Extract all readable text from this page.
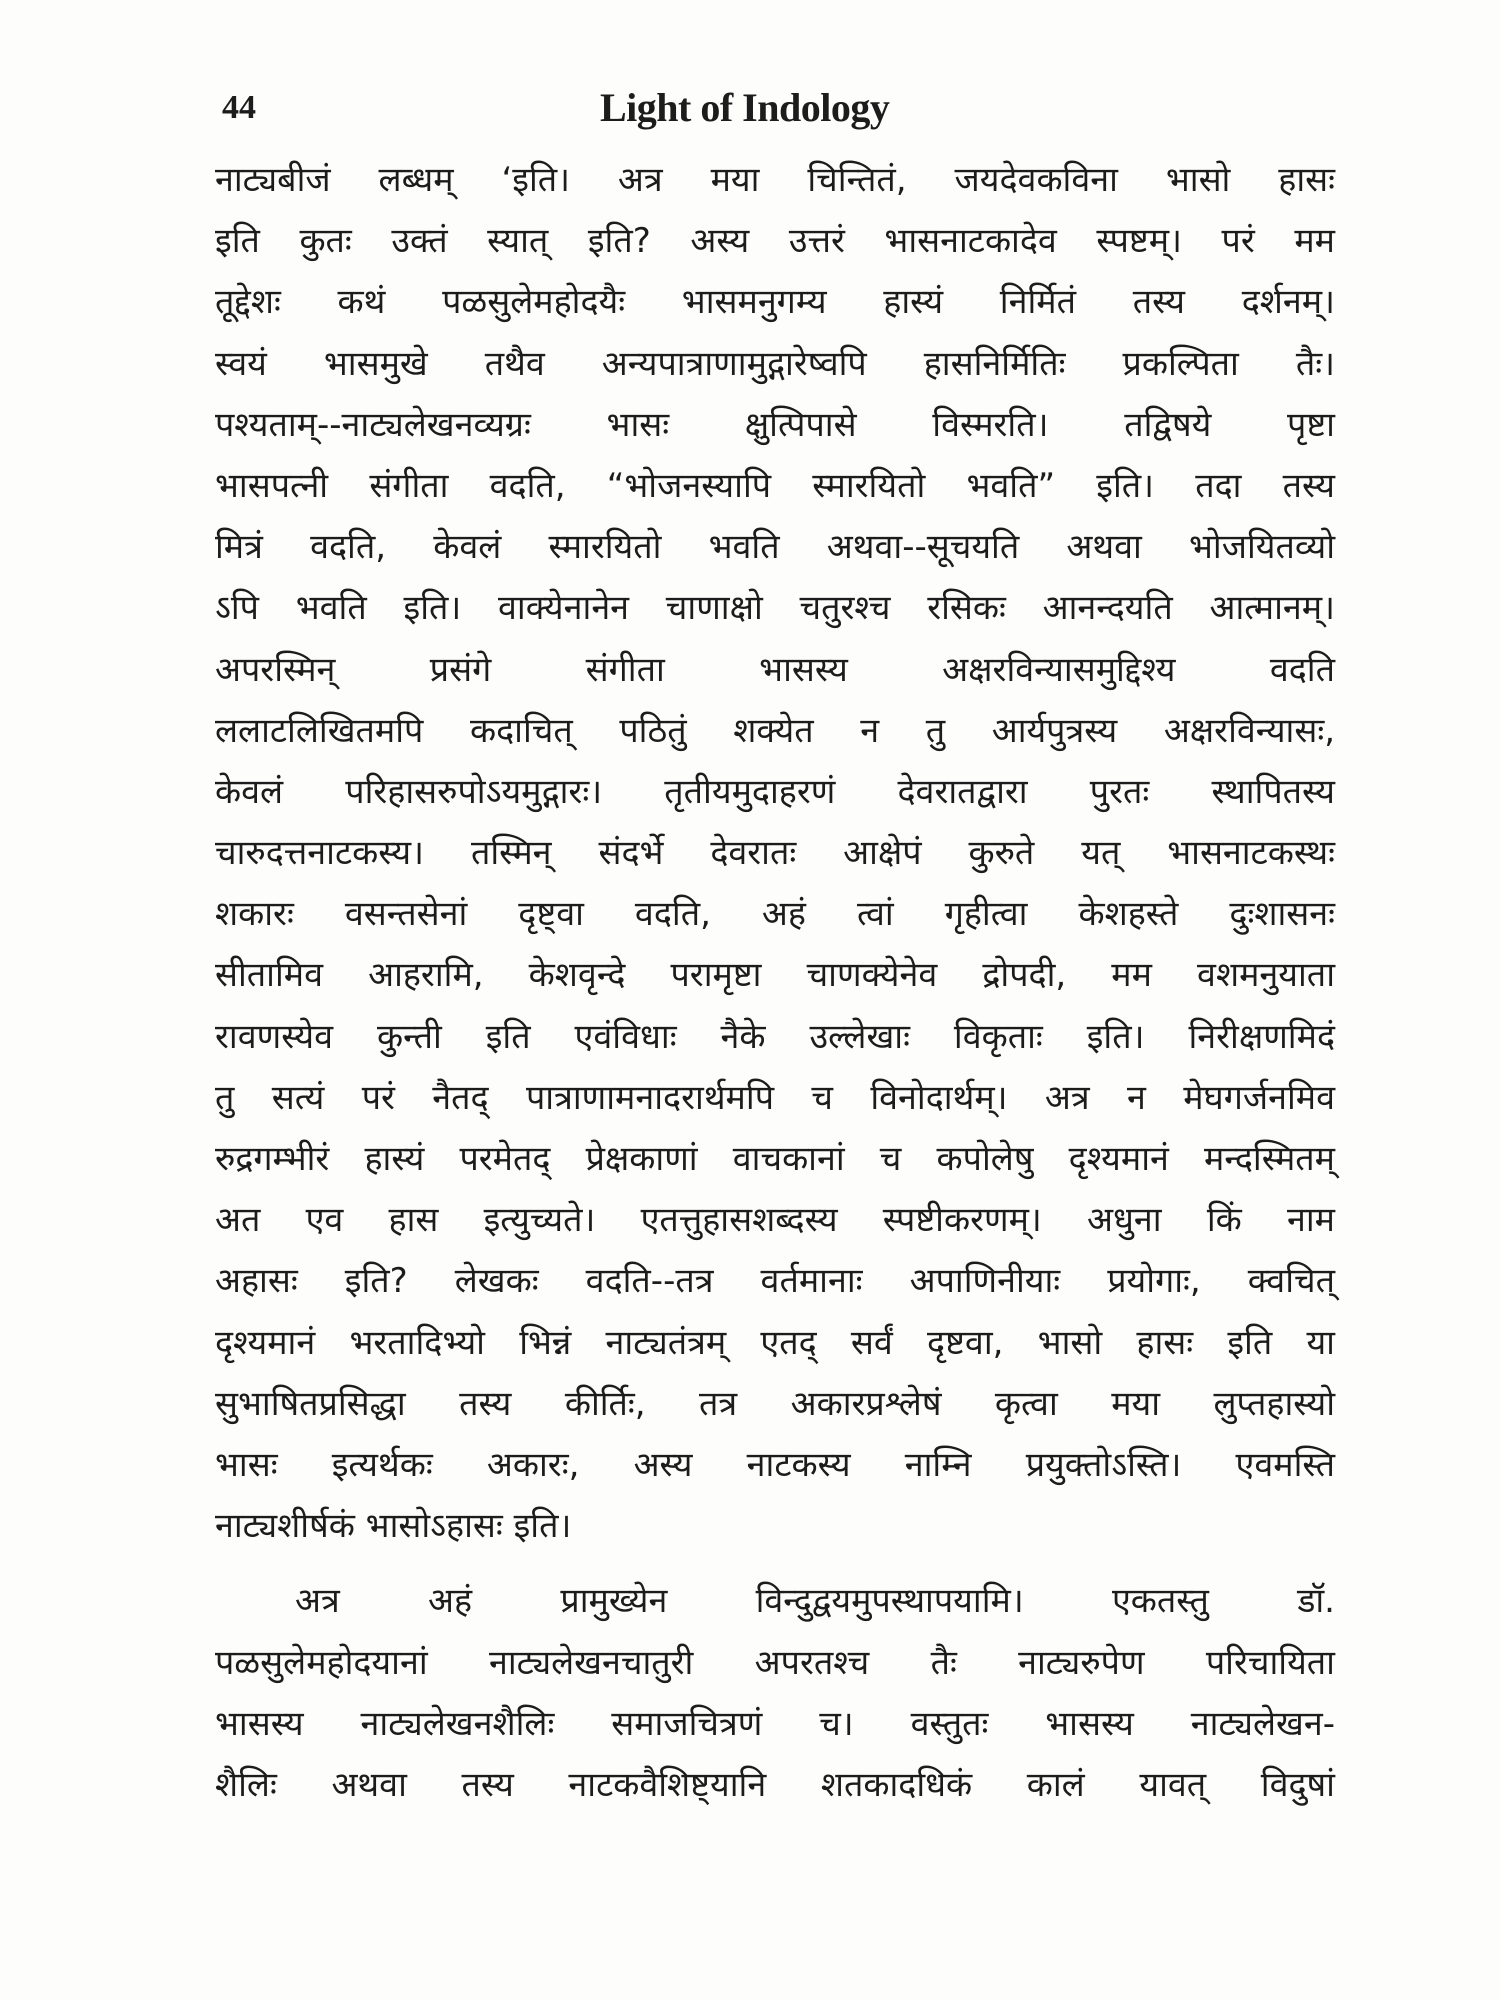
44	Light of Indology
नाट्यबीजं लब्धम् ‘इति। अत्र मया चिन्तितं, जयदेवकविना भासो हासः
इति कुतः उक्तं स्यात् इति? अस्य उत्तरं भासनाटकादेव स्पष्टम्। परं मम
तूद्देशः कथं पळसुलेमहोदयैः भासमनुगम्य हास्यं निर्मितं तस्य दर्शनम्।
स्वयं भासमुखे तथैव अन्यपात्राणामुद्गारेष्वपि हासनिर्मितिः प्रकल्पिता तैः।
पश्यताम्--नाट्यलेखनव्यग्रः भासः क्षुत्पिपासे विस्मरति। तद्विषये पृष्टा
भासपत्नी संगीता वदति, “भोजनस्यापि स्मारयितो भवति” इति। तदा तस्य
मित्रं वदति, केवलं स्मारयितो भवति अथवा--सूचयति अथवा भोजयितव्यो
ऽपि भवति इति। वाक्येनानेन चाणाक्षो चतुरश्च रसिकः आनन्दयति आत्मानम्।
अपरस्मिन् प्रसंगे संगीता भासस्य अक्षरविन्यासमुद्दिश्य वदति
ललाटलिखितमपि कदाचित् पठितुं शक्येत न तु आर्यपुत्रस्य अक्षरविन्यासः,
केवलं परिहासरुपोऽयमुद्गारः। तृतीयमुदाहरणं देवरातद्वारा पुरतः स्थापितस्य
चारुदत्तनाटकस्य। तस्मिन् संदर्भे देवरातः आक्षेपं कुरुते यत् भासनाटकस्थः
शकारः वसन्तसेनां दृष्ट्वा वदति, अहं त्वां गृहीत्वा केशहस्ते दुःशासनः
सीतामिव आहरामि, केशवृन्दे परामृष्टा चाणक्येनेव द्रोपदी, मम वशमनुयाता
रावणस्येव कुन्ती इति एवंविधाः नैके उल्लेखाः विकृताः इति। निरीक्षणमिदं
तु सत्यं परं नैतद् पात्राणामनादरार्थमपि च विनोदार्थम्। अत्र न मेघगर्जनमिव
रुद्रगम्भीरं हास्यं परमेतद् प्रेक्षकाणां वाचकानां च कपोलेषु दृश्यमानं मन्दस्मितम्
अत एव हास इत्युच्यते। एतत्तुहासशब्दस्य स्पष्टीकरणम्। अधुना किं नाम
अहासः इति? लेखकः वदति--तत्र वर्तमानाः अपाणिनीयाः प्रयोगाः, क्वचित्
दृश्यमानं भरतादिभ्यो भिन्नं नाट्यतंत्रम् एतद् सर्वं दृष्टवा, भासो हासः इति या
सुभाषितप्रसिद्धा तस्य कीर्तिः, तत्र अकारप्रश्लेषं कृत्वा मया लुप्तहास्यो
भासः इत्यर्थकः अकारः, अस्य नाटकस्य नाम्नि प्रयुक्तोऽस्ति। एवमस्ति
नाट्यशीर्षकं भासोऽहासः इति।
अत्र अहं प्रामुख्येन विन्दुद्वयमुपस्थापयामि। एकतस्तु डॉ.
पळसुलेमहोदयानां नाट्यलेखनचातुरी अपरतश्च तैः नाट्यरुपेण परिचायिता
भासस्य नाट्यलेखनशैलिः समाजचित्रणं च। वस्तुतः भासस्य नाट्यलेखन-
शैलिः अथवा तस्य नाटकवैशिष्ट्यानि शतकादधिकं कालं यावत् विदुषां
